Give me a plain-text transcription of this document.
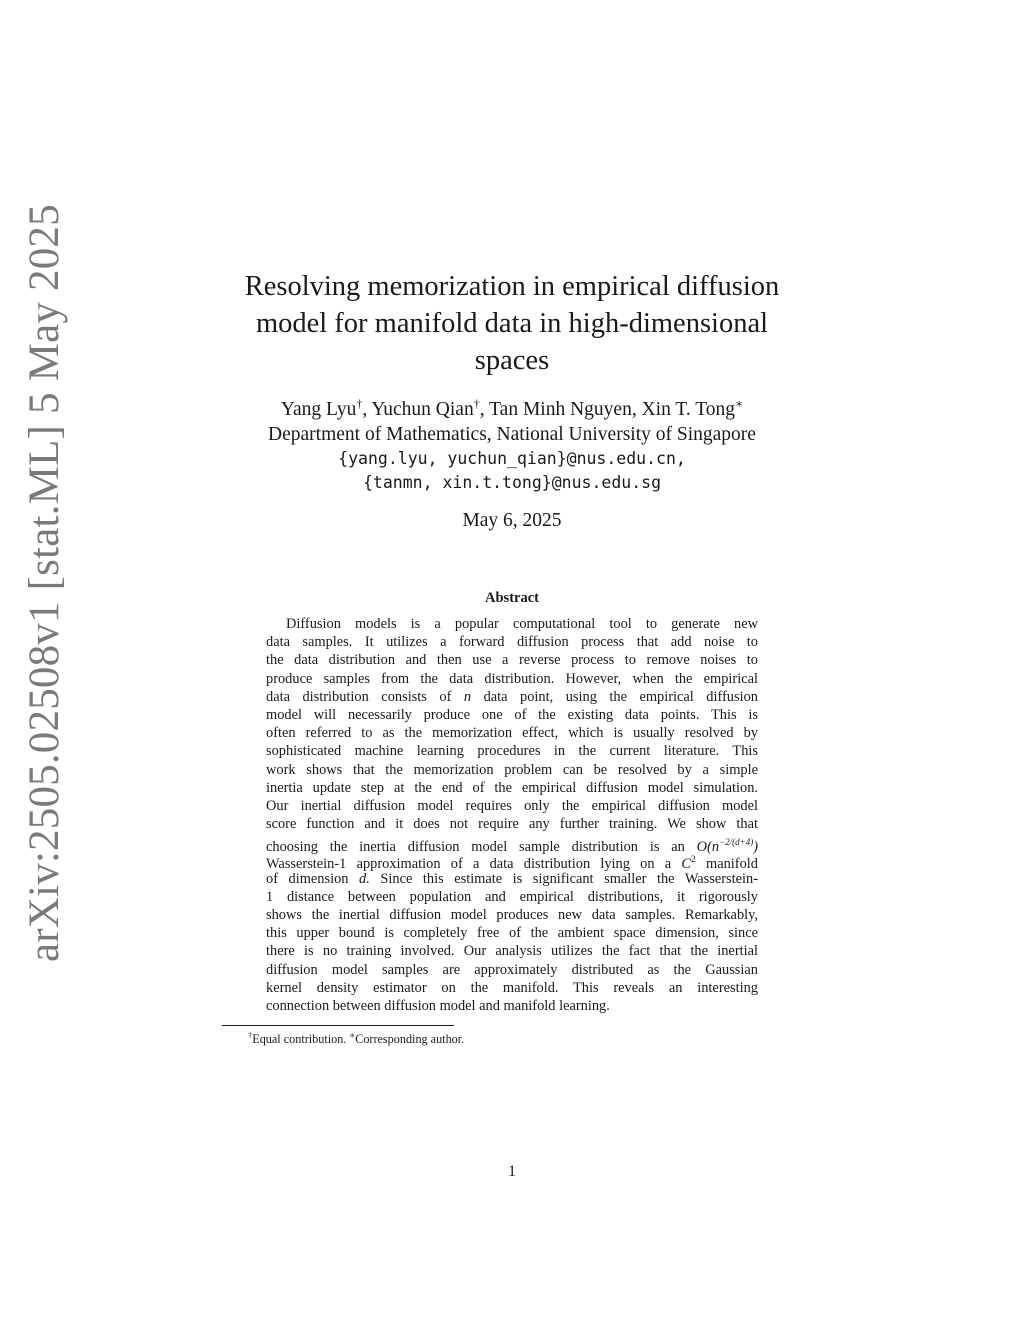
arXiv:2505.02508v1 [stat.ML] 5 May 2025	Resolving memorization in empirical diffusion
model for manifold data in high-dimensional
spaces
Yang Lyu†, Yuchun Qian†, Tan Minh Nguyen, Xin T. Tong∗
Department of Mathematics, National University of Singapore
{yang.lyu, yuchun_qian}@nus.edu.cn,
{tanmn, xin.t.tong}@nus.edu.sg
May 6, 2025
Abstract
Diffusion models is a popular computational tool to generate new
data samples. It utilizes a forward diffusion process that add noise to
the data distribution and then use a reverse process to remove noises to
produce samples from the data distribution. However, when the empirical
data distribution consists of n data point, using the empirical diffusion
model will necessarily produce one of the existing data points. This is
often referred to as the memorization effect, which is usually resolved by
sophisticated machine learning procedures in the current literature. This
work shows that the memorization problem can be resolved by a simple
inertia update step at the end of the empirical diffusion model simulation.
Our inertial diffusion model requires only the empirical diffusion model
score function and it does not require any further training. We show that
choosing the inertia diffusion model sample distribution is an $O(n^{-2/(d+4)})$
Wasserstein-1 approximation of a data distribution lying on a $C^2$ manifold
of dimension d. Since this estimate is significant smaller the Wasserstein-
1 distance between population and empirical distributions, it rigorously
shows the inertial diffusion model produces new data samples. Remarkably,
this upper bound is completely free of the ambient space dimension, since
there is no training involved. Our analysis utilizes the fact that the inertial
diffusion model samples are approximately distributed as the Gaussian
kernel density estimator on the manifold. This reveals an interesting
connection between diffusion model and manifold learning.
†Equal contribution. ∗Corresponding author.
1
